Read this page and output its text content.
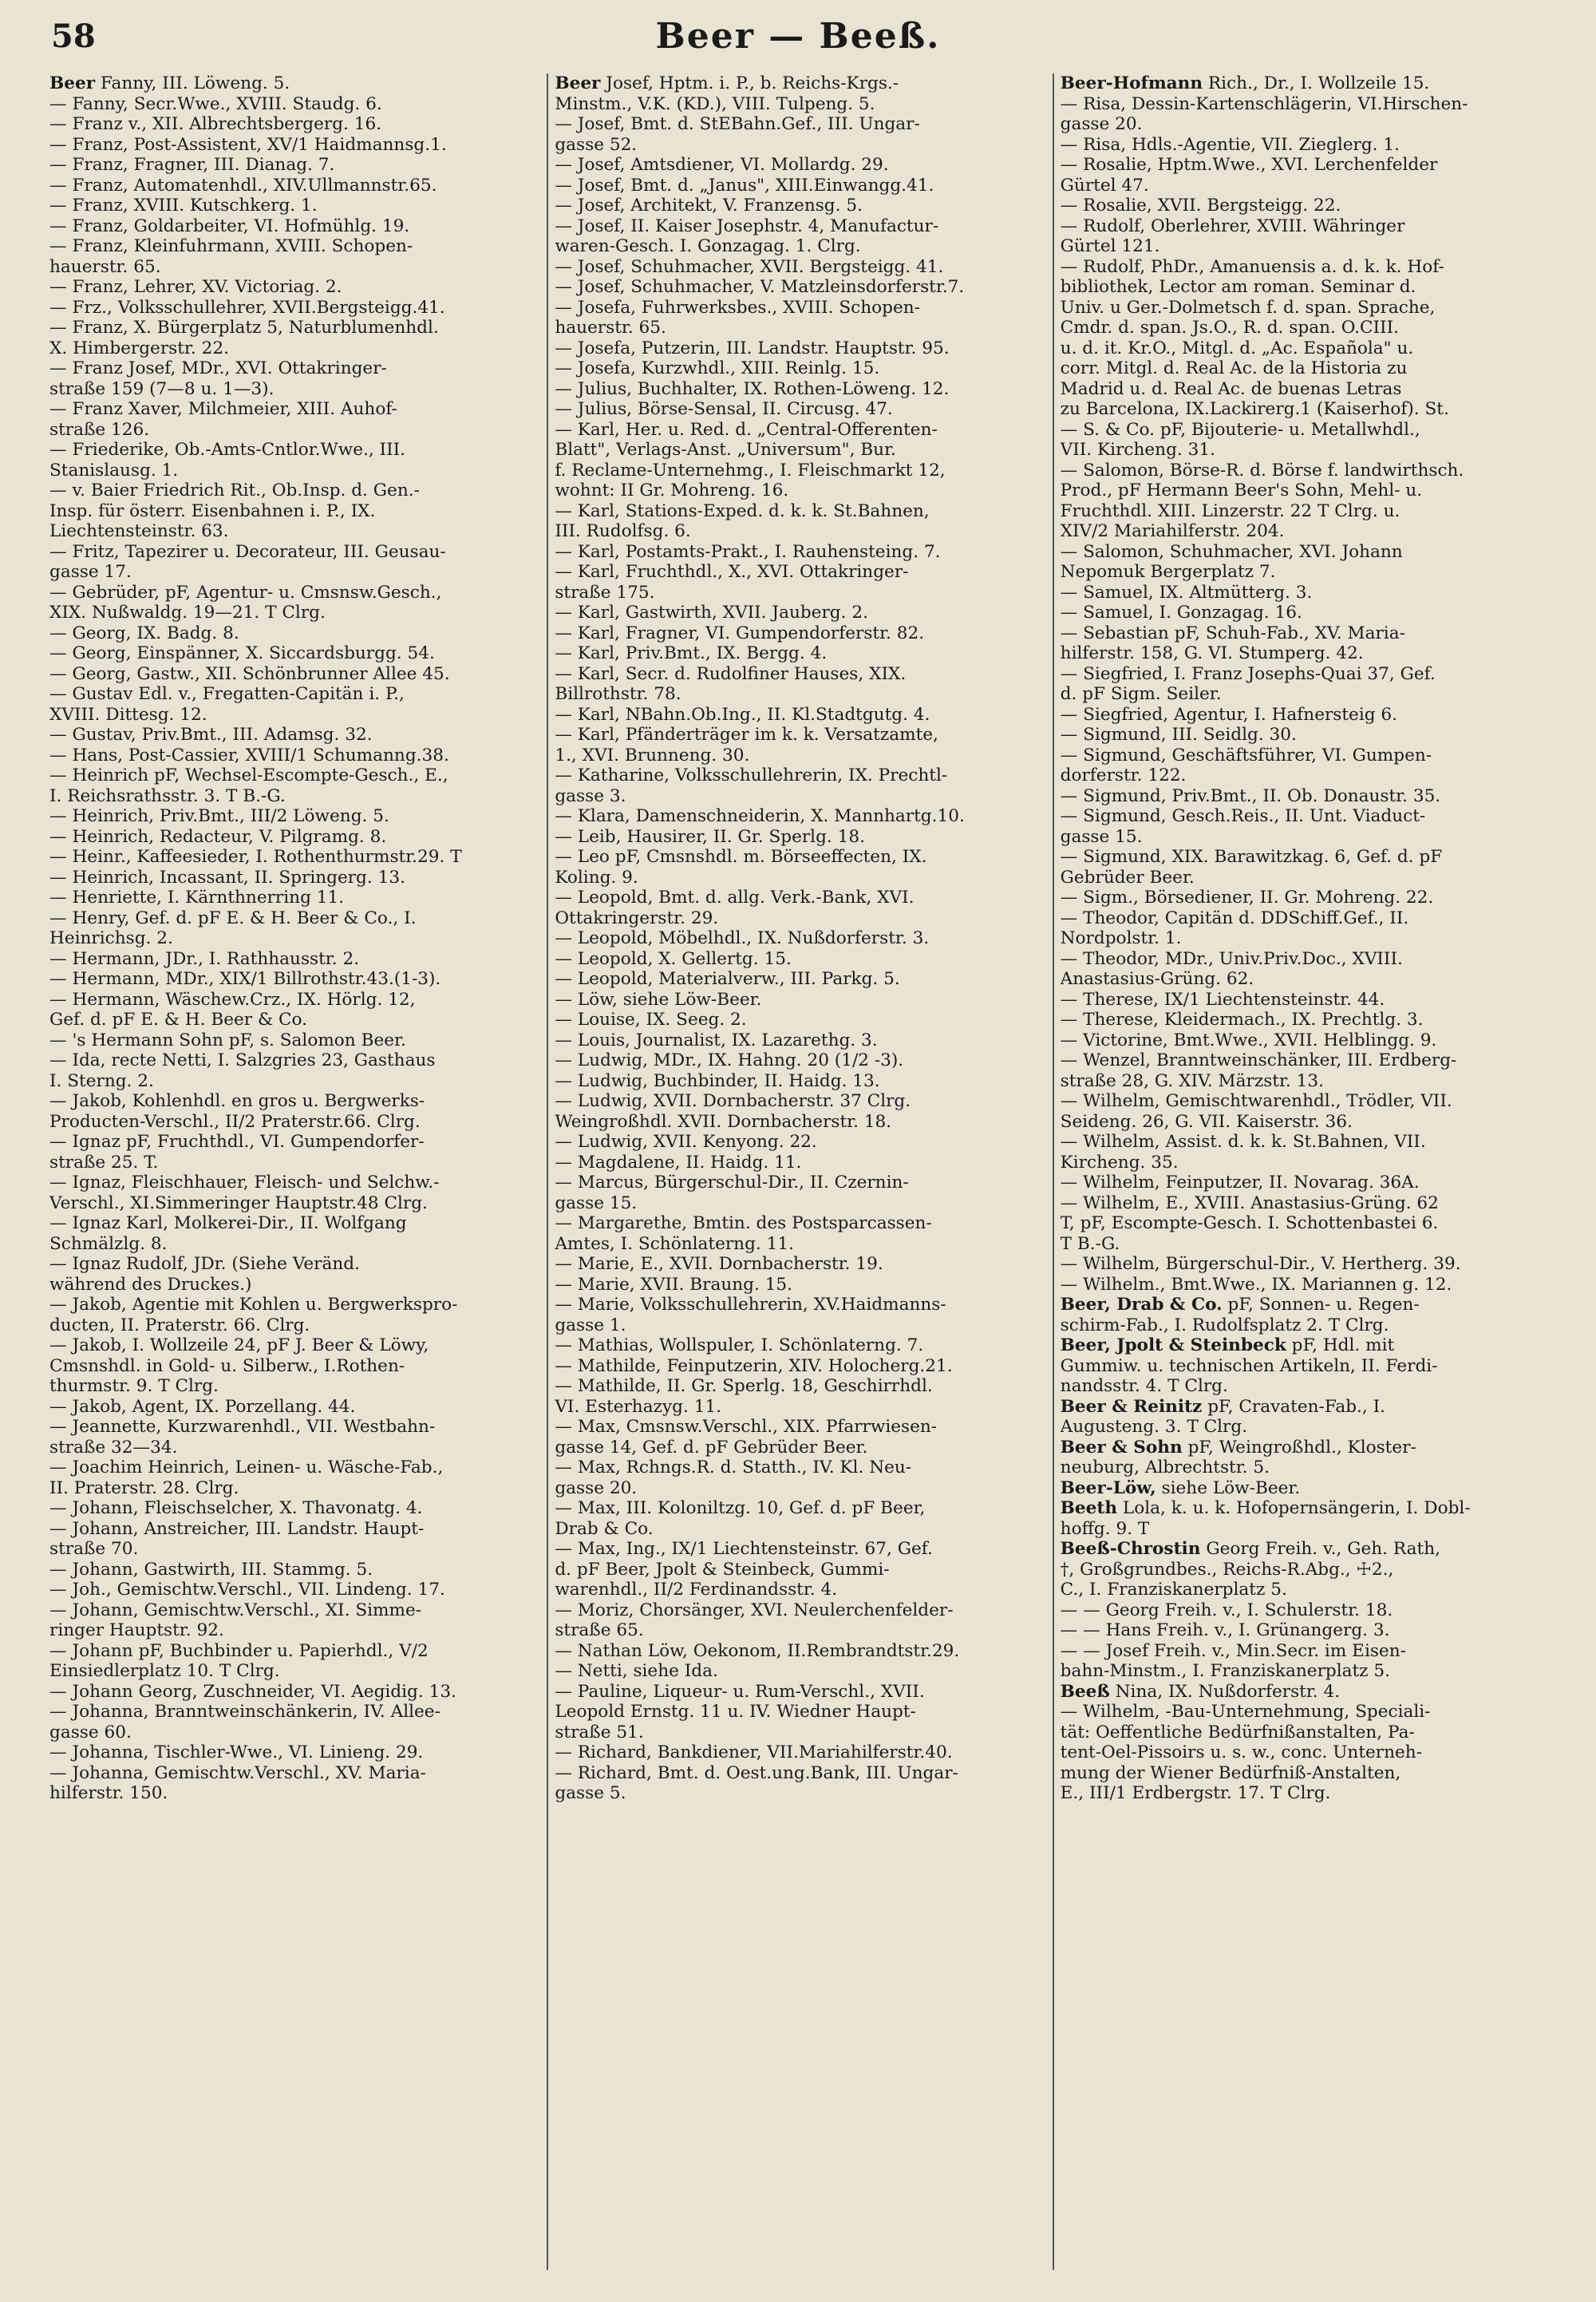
58	Beer — Beeß.
Beer Fanny, III. Löweng. 5.
— Fanny, Secr.Wwe., XVIII. Staudg. 6.
— Franz v., XII. Albrechtsbergerg. 16.
— Franz, Post-Assistent, XV/1 Haidmannsg.1.
— Franz, Fragner, III. Dianag. 7.
— Franz, Automatenhdl., XIV.Ullmannstr.65.
— Franz, XVIII. Kutschkerg. 1.
— Franz, Goldarbeiter, VI. Hofmühlg. 19.
— Franz, Kleinfuhrmann, XVIII. Schopen-
hauerstr. 65.
— Franz, Lehrer, XV. Victoriag. 2.
— Frz., Volksschullehrer, XVII.Bergsteigg.41.
— Franz, X. Bürgerplatz 5, Naturblumenhdl.
X. Himbergerstr. 22.
— Franz Josef, MDr., XVI. Ottakringer-
straße 159 (7—8 u. 1—3).
— Franz Xaver, Milchmeier, XIII. Auhof-
straße 126.
— Friederike, Ob.-Amts-Cntlor.Wwe., III.
Stanislausg. 1.
— v. Baier Friedrich Rit., Ob.Insp. d. Gen.-
Insp. für österr. Eisenbahnen i. P., IX.
Liechtensteinstr. 63.
— Fritz, Tapezirer u. Decorateur, III. Geusau-
gasse 17.
— Gebrüder, pF, Agentur- u. Cmsnsw.Gesch.,
XIX. Nußwaldg. 19—21. T Clrg.
— Georg, IX. Badg. 8.
— Georg, Einspänner, X. Siccardsburgg. 54.
— Georg, Gastw., XII. Schönbrunner Allee 45.
— Gustav Edl. v., Fregatten-Capitän i. P.,
XVIII. Dittesg. 12.
— Gustav, Priv.Bmt., III. Adamsg. 32.
— Hans, Post-Cassier, XVIII/1 Schumanng.38.
— Heinrich pF, Wechsel-Escompte-Gesch., E.,
I. Reichsrathsstr. 3. T B.-G.
— Heinrich, Priv.Bmt., III/2 Löweng. 5.
— Heinrich, Redacteur, V. Pilgramg. 8.
— Heinr., Kaffeesieder, I. Rothenthurmstr.29. T
— Heinrich, Incassant, II. Springerg. 13.
— Henriette, I. Kärnthnerring 11.
— Henry, Gef. d. pF E. & H. Beer & Co., I.
Heinrichsg. 2.
— Hermann, JDr., I. Rathhausstr. 2.
— Hermann, MDr., XIX/1 Billrothstr.43.(1-3).
— Hermann, Wäschew.Crz., IX. Hörlg. 12,
Gef. d. pF E. & H. Beer & Co.
— 's Hermann Sohn pF, s. Salomon Beer.
— Ida, recte Netti, I. Salzgries 23, Gasthaus
I. Sterng. 2.
— Jakob, Kohlenhdl. en gros u. Bergwerks-
Producten-Verschl., II/2 Praterstr.66. Clrg.
— Ignaz pF, Fruchthdl., VI. Gumpendorfer-
straße 25. T.
— Ignaz, Fleischhauer, Fleisch- und Selchw.-
Verschl., XI.Simmeringer Hauptstr.48 Clrg.
— Ignaz Karl, Molkerei-Dir., II. Wolfgang
Schmälzlg. 8.
— Ignaz Rudolf, JDr. (Siehe Veränd.
während des Druckes.)
— Jakob, Agentie mit Kohlen u. Bergwerkspro-
ducten, II. Praterstr. 66. Clrg.
— Jakob, I. Wollzeile 24, pF J. Beer & Löwy,
Cmsnshdl. in Gold- u. Silberw., I.Rothen-
thurmstr. 9. T Clrg.
— Jakob, Agent, IX. Porzellang. 44.
— Jeannette, Kurzwarenhdl., VII. Westbahn-
straße 32—34.
— Joachim Heinrich, Leinen- u. Wäsche-Fab.,
II. Praterstr. 28. Clrg.
— Johann, Fleischselcher, X. Thavonatg. 4.
— Johann, Anstreicher, III. Landstr. Haupt-
straße 70.
— Johann, Gastwirth, III. Stammg. 5.
— Joh., Gemischtw.Verschl., VII. Lindeng. 17.
— Johann, Gemischtw.Verschl., XI. Simme-
ringer Hauptstr. 92.
— Johann pF, Buchbinder u. Papierhdl., V/2
Einsiedlerplatz 10. T Clrg.
— Johann Georg, Zuschneider, VI. Aegidig. 13.
— Johanna, Branntweinschänkerin, IV. Allee-
gasse 60.
— Johanna, Tischler-Wwe., VI. Linieng. 29.
— Johanna, Gemischtw.Verschl., XV. Maria-
hilferstr. 150.
Beer Josef, Hptm. i. P., b. Reichs-Krgs.-
Minstm., V.K. (KD.), VIII. Tulpeng. 5.
— Josef, Bmt. d. StEBahn.Gef., III. Ungar-
gasse 52.
— Josef, Amtsdiener, VI. Mollardg. 29.
— Josef, Bmt. d. „Janus", XIII.Einwangg.41.
— Josef, Architekt, V. Franzensg. 5.
— Josef, II. Kaiser Josephstr. 4, Manufactur-
waren-Gesch. I. Gonzagag. 1. Clrg.
— Josef, Schuhmacher, XVII. Bergsteigg. 41.
— Josef, Schuhmacher, V. Matzleinsdorferstr.7.
— Josefa, Fuhrwerksbes., XVIII. Schopen-
hauerstr. 65.
— Josefa, Putzerin, III. Landstr. Hauptstr. 95.
— Josefa, Kurzwhdl., XIII. Reinlg. 15.
— Julius, Buchhalter, IX. Rothen-Löweng. 12.
— Julius, Börse-Sensal, II. Circusg. 47.
— Karl, Her. u. Red. d. „Central-Offerenten-
Blatt", Verlags-Anst. „Universum", Bur.
f. Reclame-Unternehmg., I. Fleischmarkt 12,
wohnt: II Gr. Mohreng. 16.
— Karl, Stations-Exped. d. k. k. St.Bahnen,
III. Rudolfsg. 6.
— Karl, Postamts-Prakt., I. Rauhensteing. 7.
— Karl, Fruchthdl., X., XVI. Ottakringer-
straße 175.
— Karl, Gastwirth, XVII. Jauberg. 2.
— Karl, Fragner, VI. Gumpendorferstr. 82.
— Karl, Priv.Bmt., IX. Bergg. 4.
— Karl, Secr. d. Rudolfiner Hauses, XIX.
Billrothstr. 78.
— Karl, NBahn.Ob.Ing., II. Kl.Stadtgutg. 4.
— Karl, Pfänderträger im k. k. Versatzamte,
1., XVI. Brunneng. 30.
— Katharine, Volksschullehrerin, IX. Prechtl-
gasse 3.
— Klara, Damenschneiderin, X. Mannhartg.10.
— Leib, Hausirer, II. Gr. Sperlg. 18.
— Leo pF, Cmsnshdl. m. Börseeffecten, IX.
Koling. 9.
— Leopold, Bmt. d. allg. Verk.-Bank, XVI.
Ottakringerstr. 29.
— Leopold, Möbelhdl., IX. Nußdorferstr. 3.
— Leopold, X. Gellertg. 15.
— Leopold, Materialverw., III. Parkg. 5.
— Löw, siehe Löw-Beer.
— Louise, IX. Seeg. 2.
— Louis, Journalist, IX. Lazarethg. 3.
— Ludwig, MDr., IX. Hahng. 20 (1/2 -3).
— Ludwig, Buchbinder, II. Haidg. 13.
— Ludwig, XVII. Dornbacherstr. 37 Clrg.
Weingroßhdl. XVII. Dornbacherstr. 18.
— Ludwig, XVII. Kenyong. 22.
— Magdalene, II. Haidg. 11.
— Marcus, Bürgerschul-Dir., II. Czernin-
gasse 15.
— Margarethe, Bmtin. des Postsparcassen-
Amtes, I. Schönlaterng. 11.
— Marie, E., XVII. Dornbacherstr. 19.
— Marie, XVII. Braung. 15.
— Marie, Volksschullehrerin, XV.Haidmanns-
gasse 1.
— Mathias, Wollspuler, I. Schönlaterng. 7.
— Mathilde, Feinputzerin, XIV. Holocherg.21.
— Mathilde, II. Gr. Sperlg. 18, Geschirrhdl.
VI. Esterhazyg. 11.
— Max, Cmsnsw.Verschl., XIX. Pfarrwiesen-
gasse 14, Gef. d. pF Gebrüder Beer.
— Max, Rchngs.R. d. Statth., IV. Kl. Neu-
gasse 20.
— Max, III. Koloniltzg. 10, Gef. d. pF Beer,
Drab & Co.
— Max, Ing., IX/1 Liechtensteinstr. 67, Gef.
d. pF Beer, Jpolt & Steinbeck, Gummi-
warenhdl., II/2 Ferdinandsstr. 4.
— Moriz, Chorsänger, XVI. Neulerchenfelder-
straße 65.
— Nathan Löw, Oekonom, II.Rembrandtstr.29.
— Netti, siehe Ida.
— Pauline, Liqueur- u. Rum-Verschl., XVII.
Leopold Ernstg. 11 u. IV. Wiedner Haupt-
straße 51.
— Richard, Bankdiener, VII.Mariahilferstr.40.
— Richard, Bmt. d. Oest.ung.Bank, III. Ungar-
gasse 5.
Beer-Hofmann Rich., Dr., I. Wollzeile 15.
— Risa, Dessin-Kartenschlägerin, VI.Hirschen-
gasse 20.
— Risa, Hdls.-Agentie, VII. Zieglerg. 1.
— Rosalie, Hptm.Wwe., XVI. Lerchenfelder
Gürtel 47.
— Rosalie, XVII. Bergsteigg. 22.
— Rudolf, Oberlehrer, XVIII. Währinger
Gürtel 121.
— Rudolf, PhDr., Amanuensis a. d. k. k. Hof-
bibliothek, Lector am roman. Seminar d.
Univ. u Ger.-Dolmetsch f. d. span. Sprache,
Cmdr. d. span. Js.O., R. d. span. O.CIII.
u. d. it. Kr.O., Mitgl. d. „Ac. Española" u.
corr. Mitgl. d. Real Ac. de la Historia zu
Madrid u. d. Real Ac. de buenas Letras
zu Barcelona, IX.Lackirerg.1 (Kaiserhof). St.
— S. & Co. pF, Bijouterie- u. Metallwhdl.,
VII. Kircheng. 31.
— Salomon, Börse-R. d. Börse f. landwirthsch.
Prod., pF Hermann Beer's Sohn, Mehl- u.
Fruchthdl. XIII. Linzerstr. 22 T Clrg. u.
XIV/2 Mariahilferstr. 204.
— Salomon, Schuhmacher, XVI. Johann
Nepomuk Bergerplatz 7.
— Samuel, IX. Altmütterg. 3.
— Samuel, I. Gonzagag. 16.
— Sebastian pF, Schuh-Fab., XV. Maria-
hilferstr. 158, G. VI. Stumperg. 42.
— Siegfried, I. Franz Josephs-Quai 37, Gef.
d. pF Sigm. Seiler.
— Siegfried, Agentur, I. Hafnersteig 6.
— Sigmund, III. Seidlg. 30.
— Sigmund, Geschäftsführer, VI. Gumpen-
dorferstr. 122.
— Sigmund, Priv.Bmt., II. Ob. Donaustr. 35.
— Sigmund, Gesch.Reis., II. Unt. Viaduct-
gasse 15.
— Sigmund, XIX. Barawitzkag. 6, Gef. d. pF
Gebrüder Beer.
— Sigm., Börsediener, II. Gr. Mohreng. 22.
— Theodor, Capitän d. DDSchiff.Gef., II.
Nordpolstr. 1.
— Theodor, MDr., Univ.Priv.Doc., XVIII.
Anastasius-Grüng. 62.
— Therese, IX/1 Liechtensteinstr. 44.
— Therese, Kleidermach., IX. Prechtlg. 3.
— Victorine, Bmt.Wwe., XVII. Helblingg. 9.
— Wenzel, Branntweinschänker, III. Erdberg-
straße 28, G. XIV. Märzstr. 13.
— Wilhelm, Gemischtwarenhdl., Trödler, VII.
Seideng. 26, G. VII. Kaiserstr. 36.
— Wilhelm, Assist. d. k. k. St.Bahnen, VII.
Kircheng. 35.
— Wilhelm, Feinputzer, II. Novarag. 36A.
— Wilhelm, E., XVIII. Anastasius-Grüng. 62
T, pF, Escompte-Gesch. I. Schottenbastei 6.
T B.-G.
— Wilhelm, Bürgerschul-Dir., V. Hertherg. 39.
— Wilhelm., Bmt.Wwe., IX. Mariannen g. 12.
Beer, Drab & Co. pF, Sonnen- u. Regen-
schirm-Fab., I. Rudolfsplatz 2. T Clrg.
Beer, Jpolt & Steinbeck pF, Hdl. mit
Gummiw. u. technischen Artikeln, II. Ferdi-
nandsstr. 4. T Clrg.
Beer & Reinitz pF, Cravaten-Fab., I.
Augusteng. 3. T Clrg.
Beer & Sohn pF, Weingroßhdl., Kloster-
neuburg, Albrechtstr. 5.
Beer-Löw, siehe Löw-Beer.
Beeth Lola, k. u. k. Hofopernsängerin, I. Dobl-
hoffg. 9. T
Beeß-Chrostin Georg Freih. v., Geh. Rath,
†, Großgrundbes., Reichs-R.Abg., ☩2.,
C., I. Franziskanerplatz 5.
— — Georg Freih. v., I. Schulerstr. 18.
— — Hans Freih. v., I. Grünangerg. 3.
— — Josef Freih. v., Min.Secr. im Eisen-
bahn-Minstm., I. Franziskanerplatz 5.
Beeß Nina, IX. Nußdorferstr. 4.
— Wilhelm, -Bau-Unternehmung, Speciali-
tät: Oeffentliche Bedürfnißanstalten, Pa-
tent-Oel-Pissoirs u. s. w., conc. Unterneh-
mung der Wiener Bedürfniß-Anstalten,
E., III/1 Erdbergstr. 17. T Clrg.
